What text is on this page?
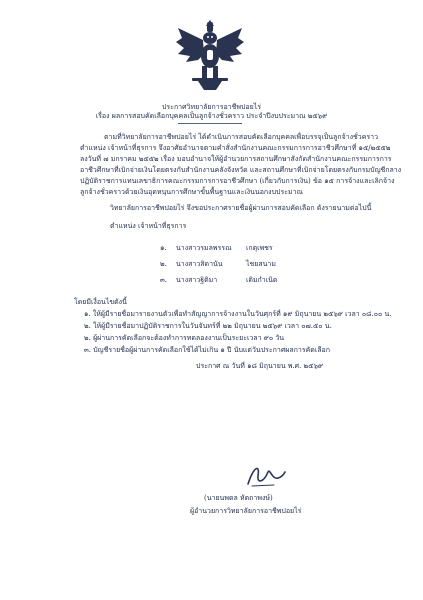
ประกาศวิทยาลัยการอาชีพปอยไร่
เรื่อง ผลการสอบคัดเลือกบุคคลเป็นลูกจ้างชั่วคราว ประจำปีงบประมาณ ๒๕๖๙
ตามที่วิทยาลัยการอาชีพปอยไร่ ได้ดำเนินการสอบคัดเลือกบุคคลเพื่อบรรจุเป็นลูกจ้างชั่วคราว
ตำแหน่ง เจ้าหน้าที่ธุรการ จึงอาศัยอำนาจตามคำสั่งสำนักงานคณะกรรมการการอาชีวศึกษาที่ ๑๕/๒๕๕๒
ลงวันที่ ๗ มกราคม ๒๕๕๒ เรื่อง มอบอำนาจให้ผู้อำนวยการสถานศึกษาสังกัดสำนักงานคณะกรรมการการ
อาชีวศึกษาที่เบิกจ่ายเงินโดยตรงกับสำนักงานคลังจังหวัด และสถานศึกษาที่เบิกจ่ายโดยตรงกับกรมบัญชีกลาง
ปฏิบัติราชการแทนเลขาธิการคณะกรรมการการอาชีวศึกษา (เกี่ยวกับการเงิน) ข้อ ๑๕ การจ้างและเลิกจ้าง
ลูกจ้างชั่วคราวด้วยเงินอุดหนุนการศึกษาขั้นพื้นฐานและเงินนอกงบประมาณ
วิทยาลัยการอาชีพปอยไร่ จึงขอประกาศรายชื่อผู้ผ่านการสอบคัดเลือก ดังรายนามต่อไปนี้
ตำแหน่ง เจ้าหน้าที่ธุรการ
๑. นางสาวรมลพรรณ เกตุเพชร
๒. นางสาวสิดานัน	ไชยสนาม
๓. นางสาวฐิติมา	เติมกำเนิด
โดยมีเงื่อนไขดังนี้
๑. ให้ผู้มีรายชื่อมารายงานตัวเพื่อทำสัญญาการจ้างงานในวันศุกร์ที่ ๑๙ มิถุนายน ๒๕๖๙ เวลา ๐๘.๐๐ น.
๒. ให้ผู้มีรายชื่อมาปฏิบัติราชการในวันจันทร์ที่ ๒๒ มิถุนายน ๒๕๖๙ เวลา ๐๗.๕๐ น.
๒. ผู้ผ่านการคัดเลือกจะต้องทำการทดลองงานเป็นระยะเวลา ๙๐ วัน
๓. บัญชีรายชื่อผู้ผ่านการคัดเลือกใช้ได้ไม่เกิน ๑ ปี นับแต่วันประกาศผลการคัดเลือก
ประกาศ ณ วันที่ ๑๘ มิถุนายน พ.ศ. ๒๕๖๙
(นายนพดล หัตถาพงษ์)
ผู้อำนวยการวิทยาลัยการอาชีพปอยไร่
